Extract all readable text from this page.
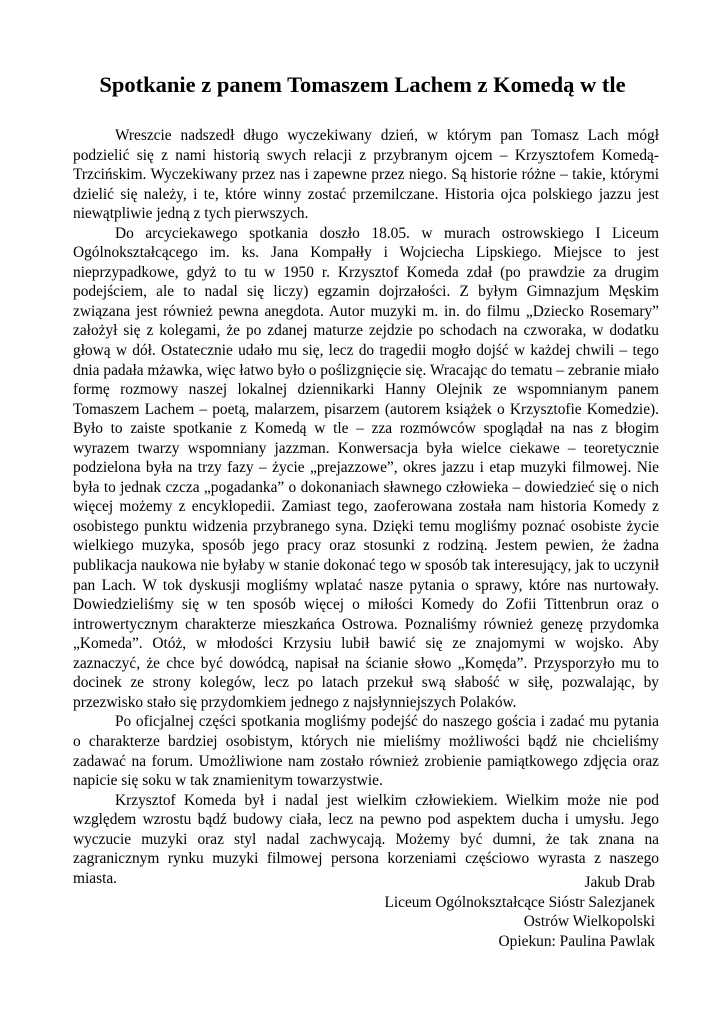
Spotkanie z panem Tomaszem Lachem z Komedą w tle

Wreszcie nadszedł długo wyczekiwany dzień, w którym pan Tomasz Lach mógł podzielić się z nami historią swych relacji z przybranym ojcem – Krzysztofem Komedą-Trzcińskim. Wyczekiwany przez nas i zapewne przez niego. Są historie różne – takie, którymi dzielić się należy, i te, które winny zostać przemilczane. Historia ojca polskiego jazzu jest niewątpliwie jedną z tych pierwszych.

Do arcyciekawego spotkania doszło 18.05. w murach ostrowskiego I Liceum Ogólnokształcącego im. ks. Jana Kompałły i Wojciecha Lipskiego. Miejsce to jest nieprzypadkowe, gdyż to tu w 1950 r. Krzysztof Komeda zdał (po prawdzie za drugim podejściem, ale to nadal się liczy) egzamin dojrzałości. Z byłym Gimnazjum Męskim związana jest również pewna anegdota. Autor muzyki m. in. do filmu „Dziecko Rosemary” założył się z kolegami, że po zdanej maturze zejdzie po schodach na czworaka, w dodatku głową w dół. Ostatecznie udało mu się, lecz do tragedii mogło dojść w każdej chwili – tego dnia padała mżawka, więc łatwo było o poślizgnięcie się. Wracając do tematu – zebranie miało formę rozmowy naszej lokalnej dziennikarki Hanny Olejnik ze wspomnianym panem Tomaszem Lachem – poetą, malarzem, pisarzem (autorem książek o Krzysztofie Komedzie). Było to zaiste spotkanie z Komedą w tle – zza rozmówców spoglądał na nas z błogim wyrazem twarzy wspomniany jazzman. Konwersacja była wielce ciekawe – teoretycznie podzielona była na trzy fazy – życie „prejazzowe”, okres jazzu i etap muzyki filmowej. Nie była to jednak czcza „pogadanka” o dokonaniach sławnego człowieka – dowiedzieć się o nich więcej możemy z encyklopedii. Zamiast tego, zaoferowana została nam historia Komedy z osobistego punktu widzenia przybranego syna. Dzięki temu mogliśmy poznać osobiste życie wielkiego muzyka, sposób jego pracy oraz stosunki z rodziną. Jestem pewien, że żadna publikacja naukowa nie byłaby w stanie dokonać tego w sposób tak interesujący, jak to uczynił pan Lach. W tok dyskusji mogliśmy wplatać nasze pytania o sprawy, które nas nurtowały. Dowiedzieliśmy się w ten sposób więcej o miłości Komedy do Zofii Tittenbrun oraz o introwertycznym charakterze mieszkańca Ostrowa. Poznaliśmy również genezę przydomka „Komeda”. Otóż, w młodości Krzysiu lubił bawić się ze znajomymi w wojsko. Aby zaznaczyć, że chce być dowódcą, napisał na ścianie słowo „Komęda”. Przysporzyło mu to docinek ze strony kolegów, lecz po latach przekuł swą słabość w siłę, pozwalając, by przezwisko stało się przydomkiem jednego z najsłynniejszych Polaków.

Po oficjalnej części spotkania mogliśmy podejść do naszego gościa i zadać mu pytania o charakterze bardziej osobistym, których nie mieliśmy możliwości bądź nie chcieliśmy zadawać na forum. Umożliwione nam zostało również zrobienie pamiątkowego zdjęcia oraz napicie się soku w tak znamienitym towarzystwie.

Krzysztof Komeda był i nadal jest wielkim człowiekiem. Wielkim może nie pod względem wzrostu bądź budowy ciała, lecz na pewno pod aspektem ducha i umysłu. Jego wyczucie muzyki oraz styl nadal zachwycają. Możemy być dumni, że tak znana na zagranicznym rynku muzyki filmowej persona korzeniami częściowo wyrasta z naszego miasta.	Jakub Drab
Liceum Ogólnokształcące Sióstr Salezjanek
Ostrów Wielkopolski
Opiekun: Paulina Pawlak
